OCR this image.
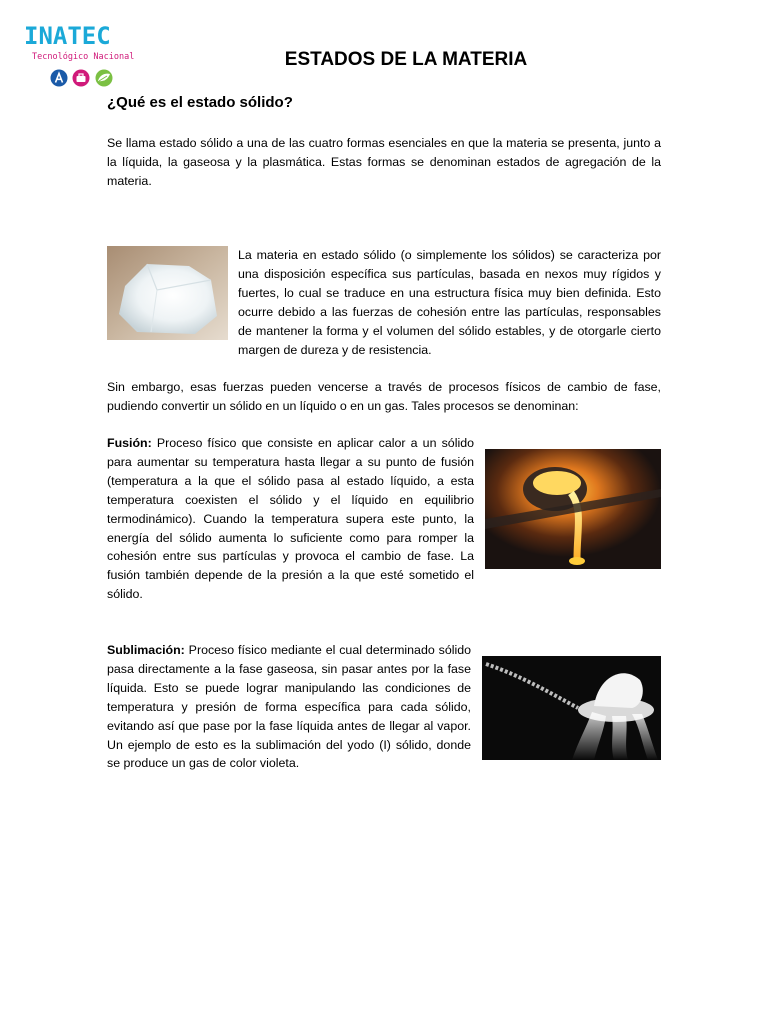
INATEC
Tecnológico Nacional	ESTADOS DE LA MATERIA
¿Qué es el estado sólido?

Se llama estado sólido a una de las cuatro formas esenciales en que la materia se presenta, junto a la líquida, la gaseosa y la plasmática. Estas formas se denominan estados de agregación de la materia.

La materia en estado sólido (o simplemente los sólidos) se caracteriza por una disposición específica sus partículas, basada en nexos muy rígidos y fuertes, lo cual se traduce en una estructura física muy bien definida. Esto ocurre debido a las fuerzas de cohesión entre las partículas, responsables de mantener la forma y el volumen del sólido estables, y de otorgarle cierto margen de dureza y de resistencia.

Sin embargo, esas fuerzas pueden vencerse a través de procesos físicos de cambio de fase, pudiendo convertir un sólido en un líquido o en un gas. Tales procesos se denominan:

Fusión: Proceso físico que consiste en aplicar calor a un sólido para aumentar su temperatura hasta llegar a su punto de fusión (temperatura a la que el sólido pasa al estado líquido, a esta temperatura coexisten el sólido y el líquido en equilibrio termodinámico). Cuando la temperatura supera este punto, la energía del sólido aumenta lo suficiente como para romper la cohesión entre sus partículas y provoca el cambio de fase. La fusión también depende de la presión a la que esté sometido el sólido.

Sublimación: Proceso físico mediante el cual determinado sólido pasa directamente a la fase gaseosa, sin pasar antes por la fase líquida. Esto se puede lograr manipulando las condiciones de temperatura y presión de forma específica para cada sólido, evitando así que pase por la fase líquida antes de llegar al vapor. Un ejemplo de esto es la sublimación del yodo (I) sólido, donde se produce un gas de color violeta.
